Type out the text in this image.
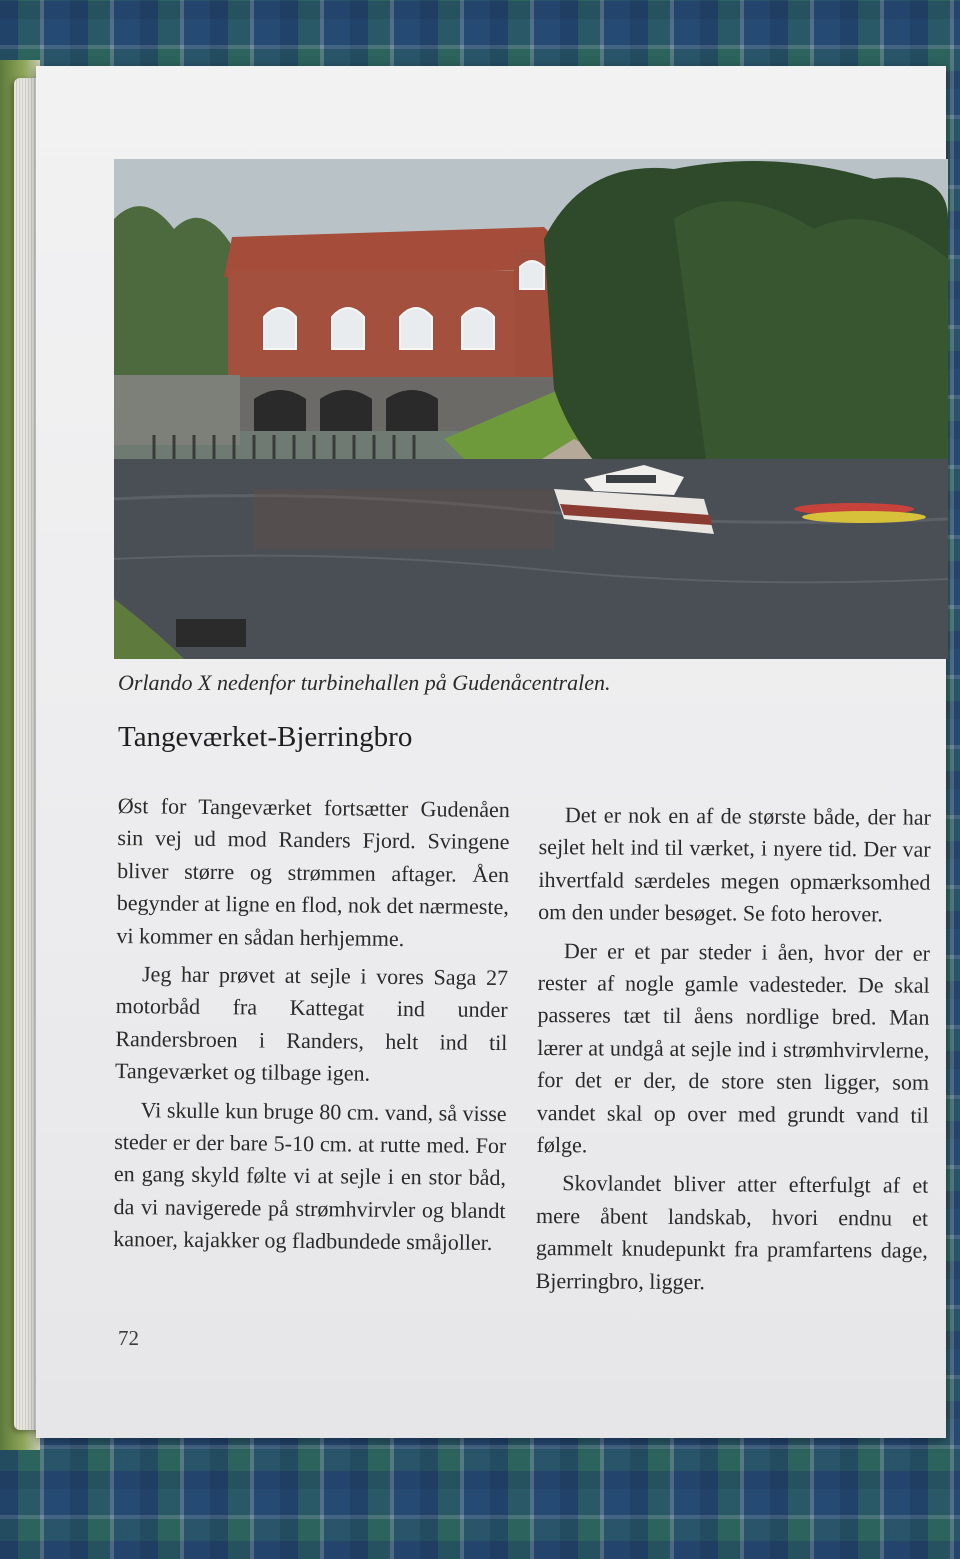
Orlando X nedenfor turbinehallen på Gudenåcentralen.

Tangeværket-Bjerringbro

Øst for Tangeværket fortsætter Gudenåen sin vej ud mod Randers Fjord. Svingene bliver større og strømmen aftager. Åen begynder at ligne en flod, nok det nærmeste, vi kommer en sådan herhjemme.

Jeg har prøvet at sejle i vores Saga 27 motorbåd fra Kattegat ind under Randersbroen i Randers, helt ind til Tangeværket og tilbage igen.

Vi skulle kun bruge 80 cm. vand, så visse steder er der bare 5-10 cm. at rutte med. For en gang skyld følte vi at sejle i en stor båd, da vi navigerede på strømhvirvler og blandt kanoer, kajakker og fladbundede småjoller.

Det er nok en af de største både, der har sejlet helt ind til værket, i nyere tid. Der var ihvertfald særdeles megen opmærksomhed om den under besøget. Se foto herover.

Der er et par steder i åen, hvor der er rester af nogle gamle vadesteder. De skal passeres tæt til åens nordlige bred. Man lærer at undgå at sejle ind i strømhvirvlerne, for det er der, de store sten ligger, som vandet skal op over med grundt vand til følge.

Skovlandet bliver atter efterfulgt af et mere åbent landskab, hvori endnu et gammelt knudepunkt fra pramfartens dage, Bjerringbro, ligger.

72
